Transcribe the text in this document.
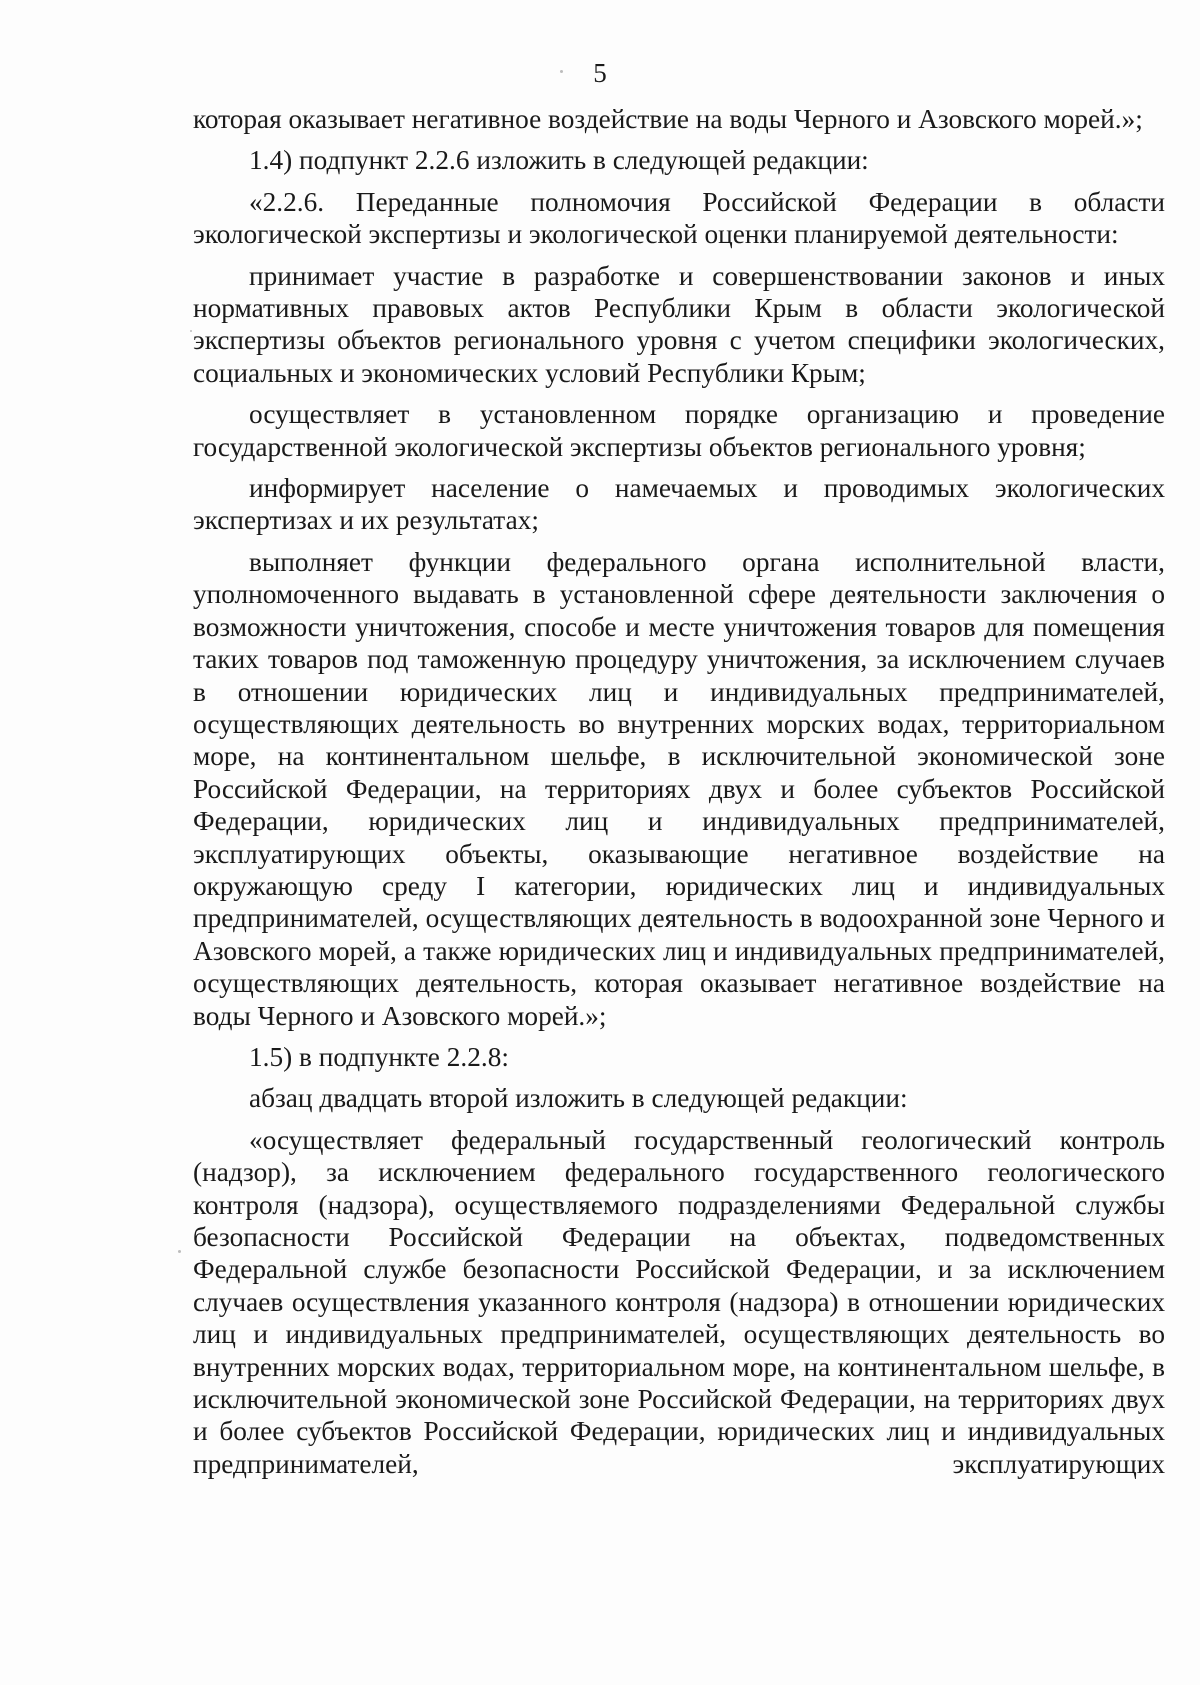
5

которая оказывает негативное воздействие на воды Черного и Азовского морей.»;

1.4) подпункт 2.2.6 изложить в следующей редакции:

«2.2.6. Переданные полномочия Российской Федерации в области экологической экспертизы и экологической оценки планируемой деятельности:

принимает участие в разработке и совершенствовании законов и иных нормативных правовых актов Республики Крым в области экологической экспертизы объектов регионального уровня с учетом специфики экологических, социальных и экономических условий Республики Крым;

осуществляет в установленном порядке организацию и проведение государственной экологической экспертизы объектов регионального уровня;

информирует население о намечаемых и проводимых экологических экспертизах и их результатах;

выполняет функции федерального органа исполнительной власти, уполномоченного выдавать в установленной сфере деятельности заключения о возможности уничтожения, способе и месте уничтожения товаров для помещения таких товаров под таможенную процедуру уничтожения, за исключением случаев в отношении юридических лиц и индивидуальных предпринимателей, осуществляющих деятельность во внутренних морских водах, территориальном море, на континентальном шельфе, в исключительной экономической зоне Российской Федерации, на территориях двух и более субъектов Российской Федерации, юридических лиц и индивидуальных предпринимателей, эксплуатирующих объекты, оказывающие негативное воздействие на окружающую среду I категории, юридических лиц и индивидуальных предпринимателей, осуществляющих деятельность в водоохранной зоне Черного и Азовского морей, а также юридических лиц и индивидуальных предпринимателей, осуществляющих деятельность, которая оказывает негативное воздействие на воды Черного и Азовского морей.»;

1.5) в подпункте 2.2.8:

абзац двадцать второй изложить в следующей редакции:

«осуществляет федеральный государственный геологический контроль (надзор), за исключением федерального государственного геологического контроля (надзора), осуществляемого подразделениями Федеральной службы безопасности Российской Федерации на объектах, подведомственных Федеральной службе безопасности Российской Федерации, и за исключением случаев осуществления указанного контроля (надзора) в отношении юридических лиц и индивидуальных предпринимателей, осуществляющих деятельность во внутренних морских водах, территориальном море, на континентальном шельфе, в исключительной экономической зоне Российской Федерации, на территориях двух и более субъектов Российской Федерации, юридических лиц и индивидуальных предпринимателей, эксплуатирующих
